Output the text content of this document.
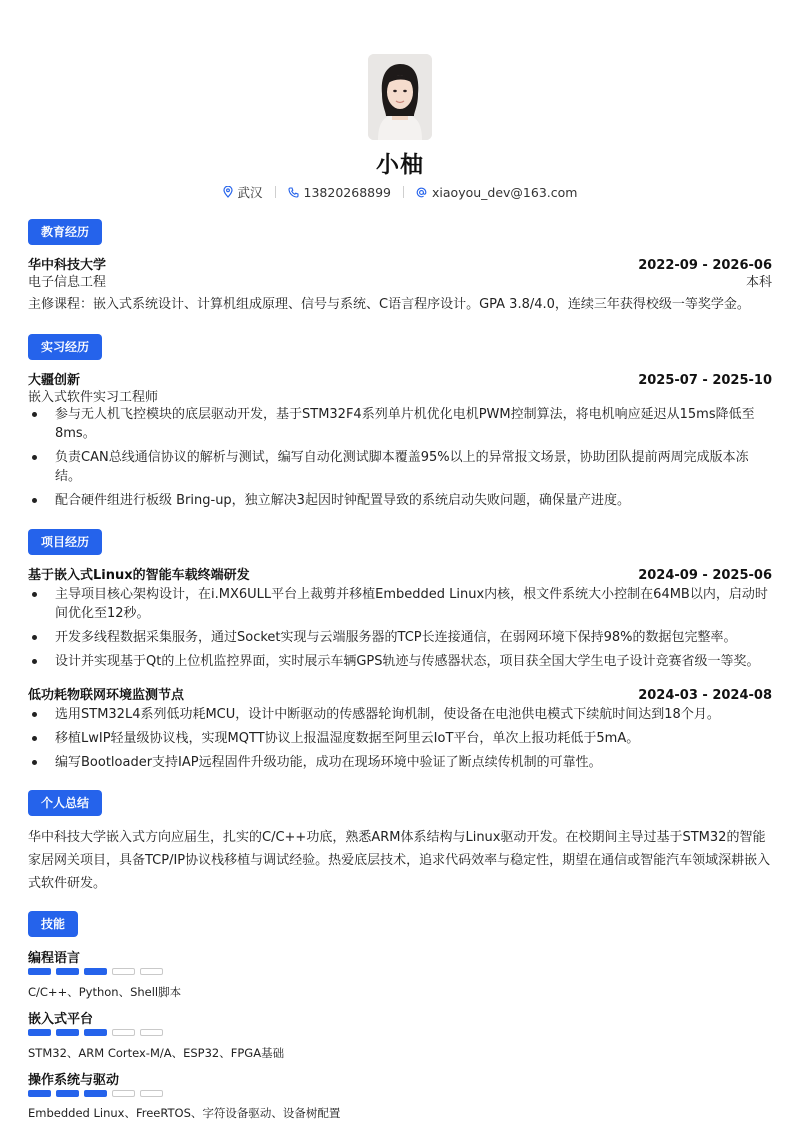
小柚
武汉	13820268899	xiaoyou_dev@163.com
教育经历
华中科技大学	2022-09 - 2026-06
电子信息工程	本科
主修课程：嵌入式系统设计、计算机组成原理、信号与系统、C语言程序设计。GPA 3.8/4.0，连续三年获得校级一等奖学金。
实习经历
大疆创新	2025-07 - 2025-10
嵌入式软件实习工程师
参与无人机飞控模块的底层驱动开发，基于STM32F4系列单片机优化电机PWM控制算法，将电机响应延迟从15ms降低至8ms。
负责CAN总线通信协议的解析与测试，编写自动化测试脚本覆盖95%以上的异常报文场景，协助团队提前两周完成版本冻结。
配合硬件组进行板级 Bring-up，独立解决3起因时钟配置导致的系统启动失败问题，确保量产进度。
项目经历
基于嵌入式Linux的智能车载终端研发	2024-09 - 2025-06
主导项目核心架构设计，在i.MX6ULL平台上裁剪并移植Embedded Linux内核，根文件系统大小控制在64MB以内，启动时间优化至12秒。
开发多线程数据采集服务，通过Socket实现与云端服务器的TCP长连接通信，在弱网环境下保持98%的数据包完整率。
设计并实现基于Qt的上位机监控界面，实时展示车辆GPS轨迹与传感器状态，项目获全国大学生电子设计竞赛省级一等奖。
低功耗物联网环境监测节点	2024-03 - 2024-08
选用STM32L4系列低功耗MCU，设计中断驱动的传感器轮询机制，使设备在电池供电模式下续航时间达到18个月。
移植LwIP轻量级协议栈，实现MQTT协议上报温湿度数据至阿里云IoT平台，单次上报功耗低于5mA。
编写Bootloader支持IAP远程固件升级功能，成功在现场环境中验证了断点续传机制的可靠性。
个人总结
华中科技大学嵌入式方向应届生，扎实的C/C++功底，熟悉ARM体系结构与Linux驱动开发。在校期间主导过基于STM32的智能家居网关项目，具备TCP/IP协议栈移植与调试经验。热爱底层技术，追求代码效率与稳定性，期望在通信或智能汽车领域深耕嵌入式软件研发。
技能
编程语言
C/C++、Python、Shell脚本
嵌入式平台
STM32、ARM Cortex-M/A、ESP32、FPGA基础
操作系统与驱动
Embedded Linux、FreeRTOS、字符设备驱动、设备树配置
